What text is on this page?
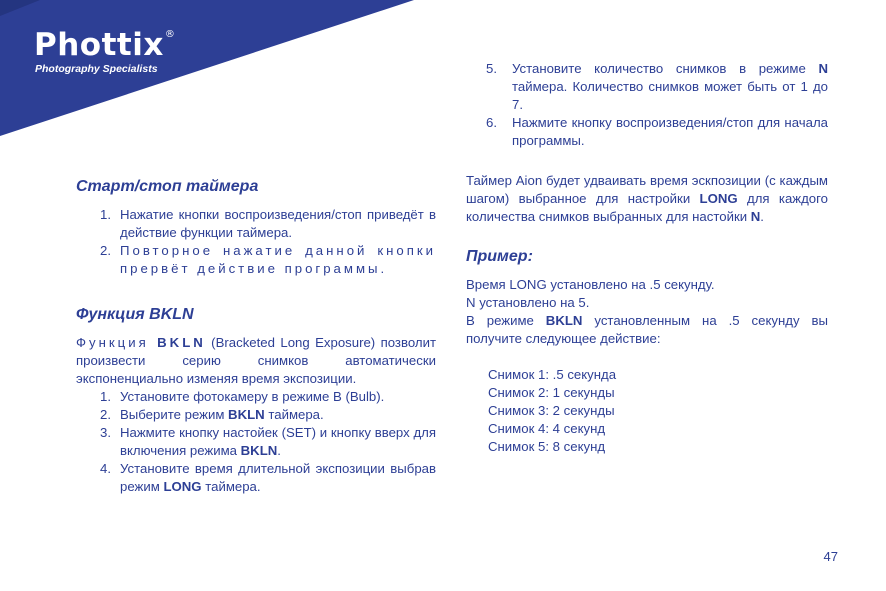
Phottix®
Photography Specialists
Старт/стоп таймера
1. Нажатие кнопки воспроизведения/стоп приведёт в действие функции таймера.
2. Повторное нажатие данной кнопки прервёт действие программы.
Функция BKLN

Функция BKLN (Bracketed Long Exposure) позволит произвести серию снимков автоматически экспоненциально изменяя время экспозиции.

1. Установите фотокамеру в режиме B (Bulb).
2. Выберите режим BKLN таймера.
3. Нажмите кнопку настойек (SET) и кнопку вверх для включения режима BKLN.
4. Установите время длительной экспозиции выбрав режим LONG таймера.
5.	Установите количество снимков в режиме N таймера. Количество снимков может быть от 1 до 7.
6.	Нажмите кнопку воспроизведения/стоп для начала программы.

Таймер Aion будет удваивать время эскпозиции (с каждым шагом) выбранное для настройки LONG для каждого количества снимков выбранных для настойки N.

Пример:

Время LONG установлено на .5 секунду.

N установлено на 5.

В режиме BKLN установленным на .5 секунду вы получите следующее действие:

Снимок 1: .5 секунда
Снимок 2: 1 секунды
Снимок 3: 2 секунды
Снимок 4: 4 секунд
Снимок 5: 8 секунд
47
